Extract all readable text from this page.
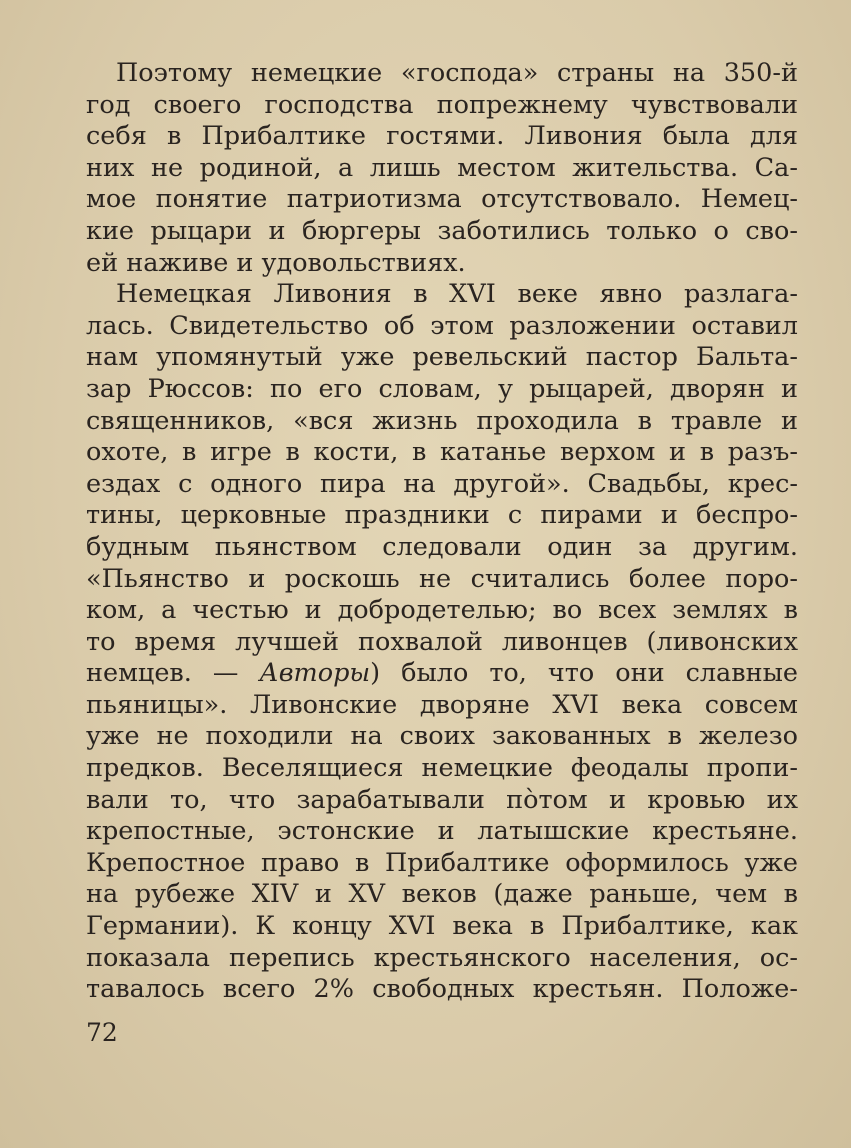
Поэтому немецкие «господа» страны на 350-й
год своего господства попрежнему чувствовали
себя в Прибалтике гостями. Ливония была для
них не родиной, а лишь местом жительства. Са-
мое понятие патриотизма отсутствовало. Немец-
кие рыцари и бюргеры заботились только о сво-
ей наживе и удовольствиях.
Немецкая Ливония в XVI веке явно разлага-
лась. Свидетельство об этом разложении оставил
нам упомянутый уже ревельский пастор Бальта-
зар Рюссов: по его словам, у рыцарей, дворян и
священников, «вся жизнь проходила в травле и
охоте, в игре в кости, в катанье верхом и в разъ-
ездах с одного пира на другой». Свадьбы, крес-
тины, церковные праздники с пирами и беспро-
будным пьянством следовали один за другим.
«Пьянство и роскошь не считались более поро-
ком, а честью и добродетелью; во всех землях в
то время лучшей похвалой ливонцев (ливонских
немцев. — Авторы) было то, что они славные
пьяницы». Ливонские дворяне XVI века совсем
уже не походили на своих закованных в железо
предков. Веселящиеся немецкие феодалы пропи-
вали то, что зарабатывали пòтом и кровью их
крепостные, эстонские и латышские крестьяне.
Крепостное право в Прибалтике оформилось уже
на рубеже XIV и XV веков (даже раньше, чем в
Германии). К концу XVI века в Прибалтике, как
показала перепись крестьянского населения, ос-
тавалось всего 2% свободных крестьян. Положе-
72
